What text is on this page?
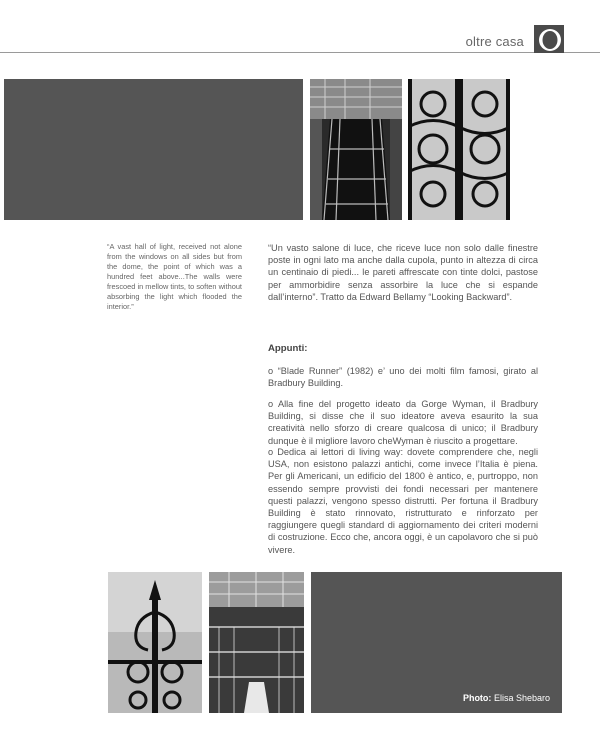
oltre casa
“A vast hall of light, received not alone from the windows on all sides but from the dome, the point of which was a hundred feet above...The walls were frescoed in mellow tints, to soften without absorbing the light which flooded the interior.”
“Un vasto salone di luce, che riceve luce non solo dalle finestre poste in ogni lato ma anche dalla cupola, punto in altezza di circa un centinaio di piedi... le pareti affrescate con tinte dolci, pastose per ammorbidire senza assorbire la luce che si espande dall’interno”. Tratto da Edward Bellamy “Looking Backward”.
Appunti:

o “Blade Runner” (1982) e’ uno dei molti film famosi, girato al Bradbury Building.

o Alla fine del progetto ideato da Gorge Wyman, il Bradbury Building, si disse che il suo ideatore aveva esaurito la sua creatività nello sforzo di creare qualcosa di unico; il Bradbury dunque è il migliore lavoro cheWyman è riuscito a progettare.

o Dedica ai lettori di living way: dovete comprendere che, negli USA, non esistono palazzi antichi, come invece l’Italia è piena. Per gli Americani, un edificio del 1800 è antico, e, purtroppo, non essendo sempre provvisti dei fondi necessari per mantenere questi palazzi, vengono spesso distrutti. Per fortuna il Bradbury Building è stato rinnovato, ristrutturato e rinforzato per raggiungere quegli standard di aggiornamento dei criteri moderni di costruzione. Ecco che, ancora oggi, è un capolavoro che si può vivere.

Photo: Elisa Shebaro
